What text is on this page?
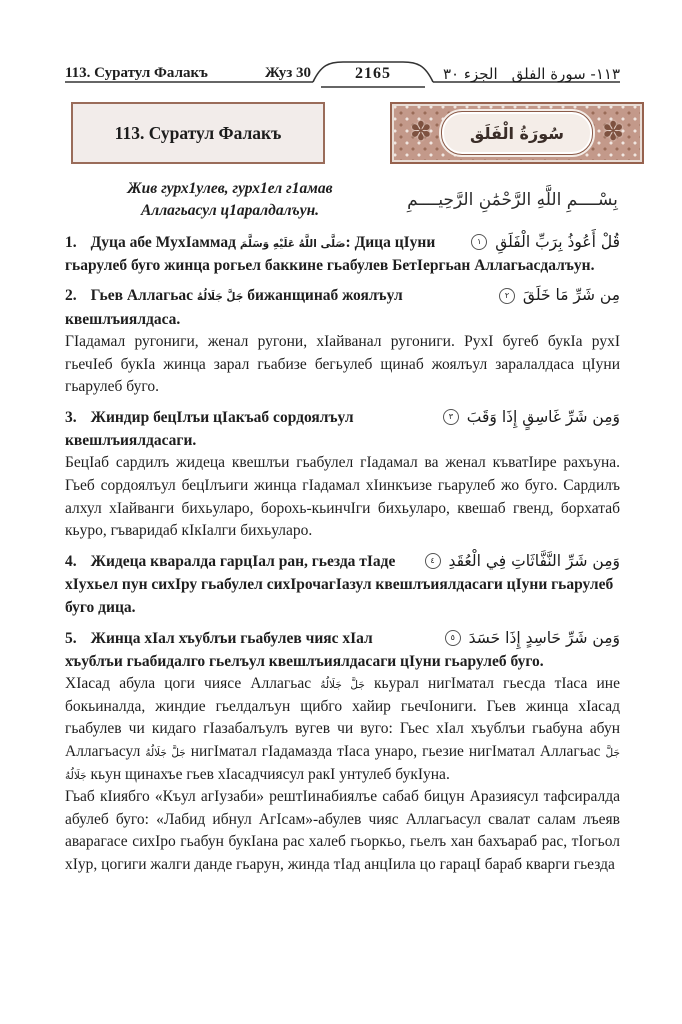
113. Суратул Фалакъ	Жуз 30	2165	الجزء ٣٠ ١١٣- سورة الفلق
113. Суратул Фалакъ	✽	✽
سُورَةُ الْفَلَق
Жив гурх1улев, гурх1ел г1амав
Аллагьасул ц1аралдалъун.
بِسْــــمِ اللَّهِ الرَّحْمَٰنِ الرَّحِيــــمِ
قُلْ أَعُوذُ بِرَبِّ الْفَلَقِ ١

1. Дуца абе МухIаммад صَلَّى اللَّهُ عَلَيْهِ وَسَلَّمَ: Дица цIуни гьарулеб буго жинца рогьел баккине гьабулев БетIергьан Аллагьасдалъун.

مِن شَرِّ مَا خَلَقَ ٢

2. Гьев Аллагьас جَلَّ جَلَالُهُ бижанщинаб жоялъул квешлъиялдаса.

ГIадамал ругониги, женал ругони, хIайванал ругониги. РухI бугеб букIа рухI гьечIеб букIа жинца зарал гьабизе бегьулеб щинаб жоялъул заралалдаса цIуни гьарулеб буго.

وَمِن شَرِّ غَاسِقٍ إِذَا وَقَبَ ٣

3. Жиндир бецIлъи цIакъаб сордоялъул квешлъиялдасаги.

БецIаб сардилъ жидеца квешлъи гьабулел гIадамал ва женал къватIире рахъуна. Гьеб сордоялъул бецIлъиги жинца гIадамал хIинкъизе гьарулеб жо буго. Сардилъ алхул хIайванги бихьуларо, борохь-кьинчIги бихьуларо, квешаб гвенд, борхатаб кьуро, гъваридаб кIкIалги бихьуларо.

وَمِن شَرِّ النَّفَّاثَاتِ فِي الْعُقَدِ ٤

4. Жидеца кваралда гарцIал ран, гьезда тIаде хIухьел пун сихIру гьабулел сихIрочагIазул квешлъиялдасаги цIуни гьарулеб буго дица.

وَمِن شَرِّ حَاسِدٍ إِذَا حَسَدَ ٥

5. Жинца хIал хъублъи гьабулев чияс хIал хъублъи гьабидалго гьелъул квешлъиялдасаги цIуни гьарулеб буго.

ХIасад абула цоги чиясе Аллагьас جَلَّ جَلَالُهُ кьурал нигIматал гьесда тIаса ине бокьиналда, жиндие гьелдалъун щибго хайир гьечIониги. Гьев жинца хIасад гьабулев чи кидаго гIазабалъулъ вугев чи вуго: Гьес хIал хъублъи гьабуна абун Аллагьасул جَلَّ جَلَالُهُ нигIматал гIадамазда тIаса унаро, гьезие нигIматал Аллагьас جَلَّ جَلَالُهُ кьун щинахъе гьев хIасадчиясул ракI унтулеб букIуна.

Гьаб кIиябго «Къул агIузаби» рештIинабиялъе сабаб бицун Аразиясул тафсиралда абулеб буго: «Лабид ибнул АгIсам»-абулев чияс Аллагьасул свалат салам лъеяв аварагасе сихIро гьабун букIана рас халеб гьоркьо, гьелъ хан бахъараб рас, тIогьол хIур, цогиги жалги данде гьарун, жинда тIад анцIила цо гарацI бараб кварги гьезда
